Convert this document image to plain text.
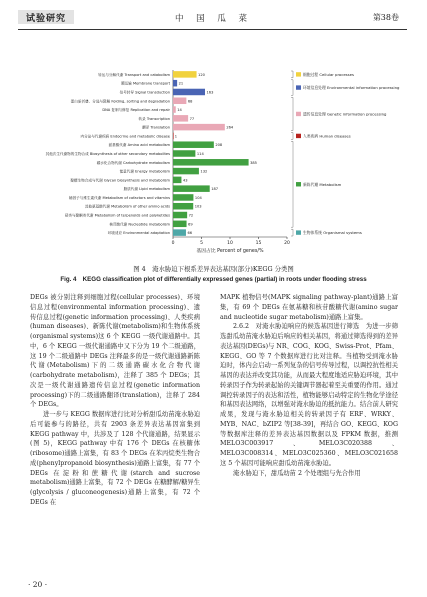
试验研究	中 国 瓜 菜	第38卷
转运与分解代谢 Transport and catabolism	120
膜运输 Membrane transport 21
信号转导 Signal transduction	163
蛋白质折叠、分选与降解 Folding, sorting and degradation	68
DNA 复制与修复 Replication and repair 14
转录 Transcription	77
翻译 Translation	264
内分泌与代谢疾病 Endocrine and metabolic disease 1
氨基酸代谢 Amino acid metabolism	208
其他次生代谢物的生物合成 Biosynthesis of other secondary metabolites	114
碳水化合物代谢 Carbohydrate metabolism	385
能量代谢 Energy metabolism	132
聚糖生物合成与代谢 Glycan biosynthesis and metabolism	43
脂质代谢 Lipid metabolism	187
辅因子与维生素代谢 Metabolism of cofactors and vitamins	104
其他氨基酸代谢 Metabolism of other amino acids	103
萜类与聚酮类代谢 Metabolism of terpenoids and polyketides	72
核苷酸代谢 Nucleotide metabolism	69
环境适应 Environmental adaptation	66
0	5	10	15	20
基因占比 Percent of genes/%
细胞过程 Cellular processes
环境信息处理 Environmental information processing
遗传信息处理 Genetic information processing
人类疾病 Human diseases
新陈代谢 Metabolism
生物体系统 Organismal systems
图 4　淹水胁迫下根系差异表达基因(部分)KEGG 分类图
Fig. 4　KEGG classification plot of differentially expressed genes (partial) in roots under flooding stress

DEGs 被分别注释到细胞过程(cellular processes)、环境信息过程(environmental information processing)、遗传信息过程(genetic information processing)、人类疾病(human diseases)、新陈代谢(metabolism)和生物体系统(organismal systems)这 6 个 KEGG 一级代谢通路中。其中，6 个 KEGG 一级代谢通路中又下分为 19 个二级通路，这 19 个二级通路中 DEGs 注释最多的是一级代谢通路新陈代谢(Metabolism)下的二级通路碳水化合物代谢(carbohydrate metabolism)，注释了 385 个 DEGs；其次是一级代谢通路遗传信息过程(genetic information processing)下的二级通路翻译(translation)，注释了 284 个 DEGs。

进一步与 KEGG 数据库进行比对分析甜瓜幼苗淹水胁迫后可能参与的路径，共有 2903 条差异表达基因富集到 KEGG pathway 中，共涉及了 128 个代谢通路，结果显示(图 5)，KEGG pathway 中有 176 个 DEGs 在核糖体(ribosome)通路上富集，有 83 个 DEGs 在苯丙烷类生物合成(phenylpropanoid biosynthesis)通路上富集，有 77 个 DEGs 在淀粉和蔗糖代谢(starch and sucrose metabolism)通路上富集，有 72 个 DEGs 在糖酵解/糖异生(glycolysis / gluconeogenesis)通路上富集，有 72 个 DEGs 在

MAPK 植物信号(MAPK signaling pathway-plant)通路上富集，有 69 个 DEGs 在氨基糖和核苷酸糖代谢(amino sugar and nucleotide sugar metabolism)通路上富集。

2.6.2　对淹水胁迫响应的候选基因进行筛选　为进一步筛选甜瓜幼苗淹水胁迫后响应的相关基因，将通过筛选得到的差异表达基因(DEGs)与 NR、COG、KOG、Swiss-Prot、Pfam、KEGG、GO 等 7 个数据库进行比对注释。当植物受到淹水胁迫时，体内会启动一系列复杂的信号传导过程，以调控抗性相关基因的表达并改变其功能，从而最大程度地适应胁迫环境，其中转录因子作为转录起始的关键调节器起着至关重要的作用。通过调控转录因子的表达和活性，植物能够启动特定的生物化学途径和基因表达网络，以增强对淹水胁迫的抵抗能力。结合前人研究成果，发现与淹水胁迫相关的转录因子有 ERF、WRKY、MYB、NAC、bZIP2 等[38-39]，再结合 GO、KEGG、KOG 等数据库注释的差异表达基因数据以及 FPKM 数据，推测 MELO3C003917、MELO3C020388、MELO3C008314、MELO3C025360、MELO3C021658 这 5 个基因可能响应甜瓜幼苗淹水胁迫。

淹水胁迫下，甜瓜幼苗 2 个处理组与先合作用

· 20 ·
